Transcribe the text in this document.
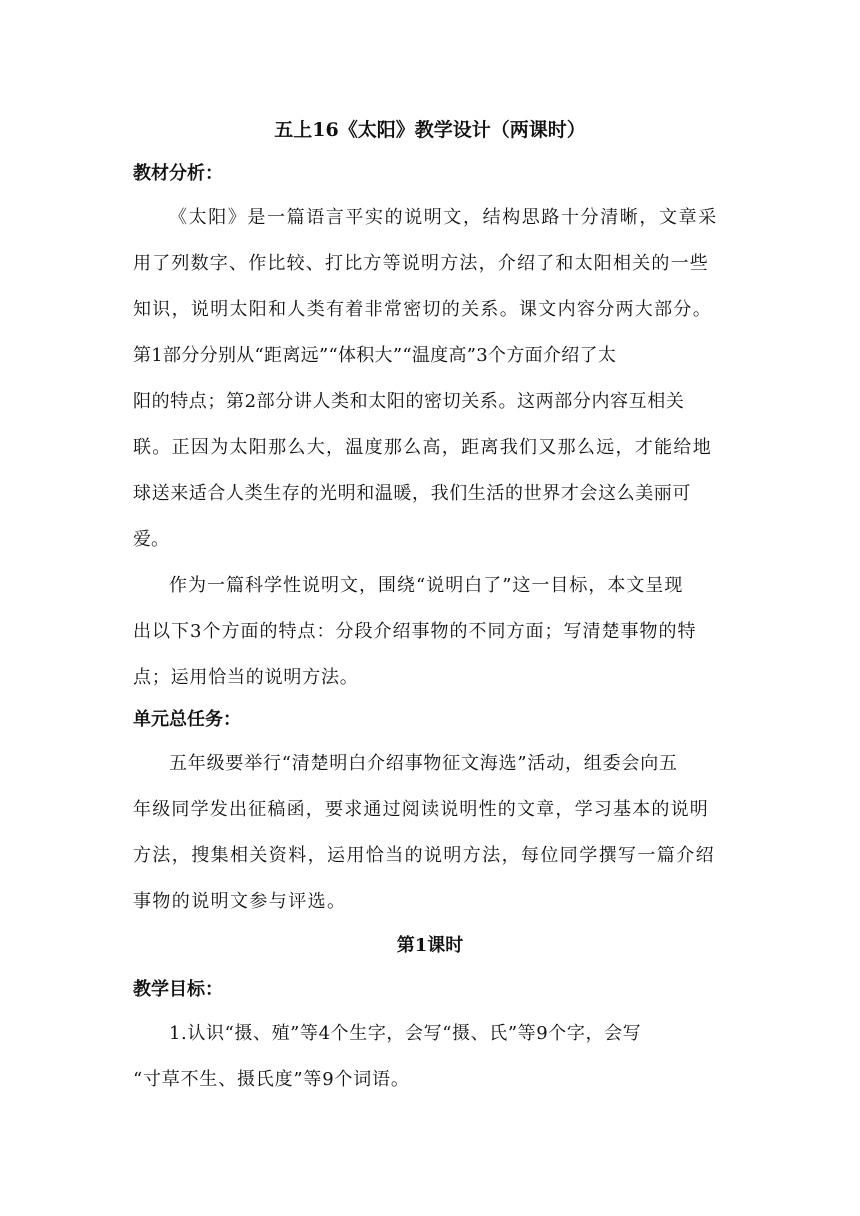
五上16《太阳》教学设计（两课时）
教材分析：
《太阳》是一篇语言平实的说明文，结构思路十分清晰，文章采
用了列数字、作比较、打比方等说明方法，介绍了和太阳相关的一些
知识，说明太阳和人类有着非常密切的关系。课文内容分两大部分。
第1部分分别从“距离远”“体积大”“温度高”3个方面介绍了太
阳的特点；第2部分讲人类和太阳的密切关系。这两部分内容互相关
联。正因为太阳那么大，温度那么高，距离我们又那么远，才能给地
球送来适合人类生存的光明和温暖，我们生活的世界才会这么美丽可
爱。
作为一篇科学性说明文，围绕“说明白了”这一目标，本文呈现
出以下3个方面的特点：分段介绍事物的不同方面；写清楚事物的特
点；运用恰当的说明方法。
单元总任务：
五年级要举行“清楚明白介绍事物征文海选”活动，组委会向五
年级同学发出征稿函，要求通过阅读说明性的文章，学习基本的说明
方法，搜集相关资料，运用恰当的说明方法，每位同学撰写一篇介绍
事物的说明文参与评选。
第1课时
教学目标：
1.认识“摄、殖”等4个生字，会写“摄、氏”等9个字，会写
“寸草不生、摄氏度”等9个词语。
